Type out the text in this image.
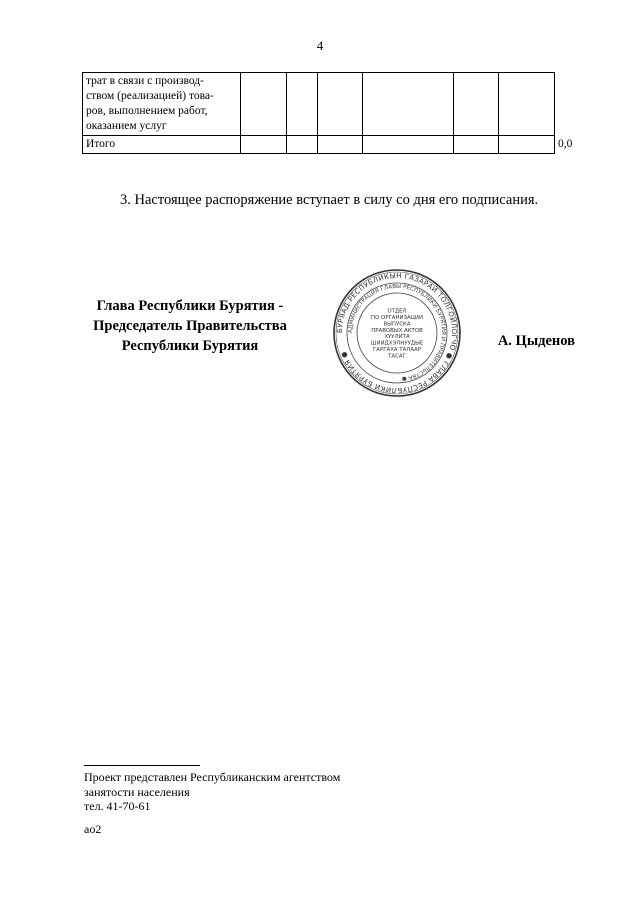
4
трат в связи с производ-
ством (реализацией) това-
ров, выполнением работ,
оказанием услуг							

Итого							0,0
3. Настоящее распоряжение вступает в силу со дня его подписания.
Глава Республики Бурятия -
Председатель Правительства
Республики Бурятия
БУРЯАД РЕСПУБЛИКЫН ГАЗАРАЙ ТОЛГОЙЛОГЧО ● ГЛАВА РЕСПУБЛИКИ БУРЯТИЯ ●
АДМИНИСТРАЦИЯ ГЛАВЫ РЕСПУБЛИКИ БУРЯТИЯ И ПРАВИТЕЛЬСТВА ●
ОТДЕЛ
ПО ОРГАНИЗАЦИИ
ВЫПУСКА
ПРАВОВЫХ АКТОВ
ХУУЛИТА
ШИИДХЭЛНУУДЫЕ
ГАРГАХА ТАЛААР
ТАСАГ
А. Цыденов
Проект представлен Республиканским агентством
занятости населения
тел. 41-70-61
ао2
